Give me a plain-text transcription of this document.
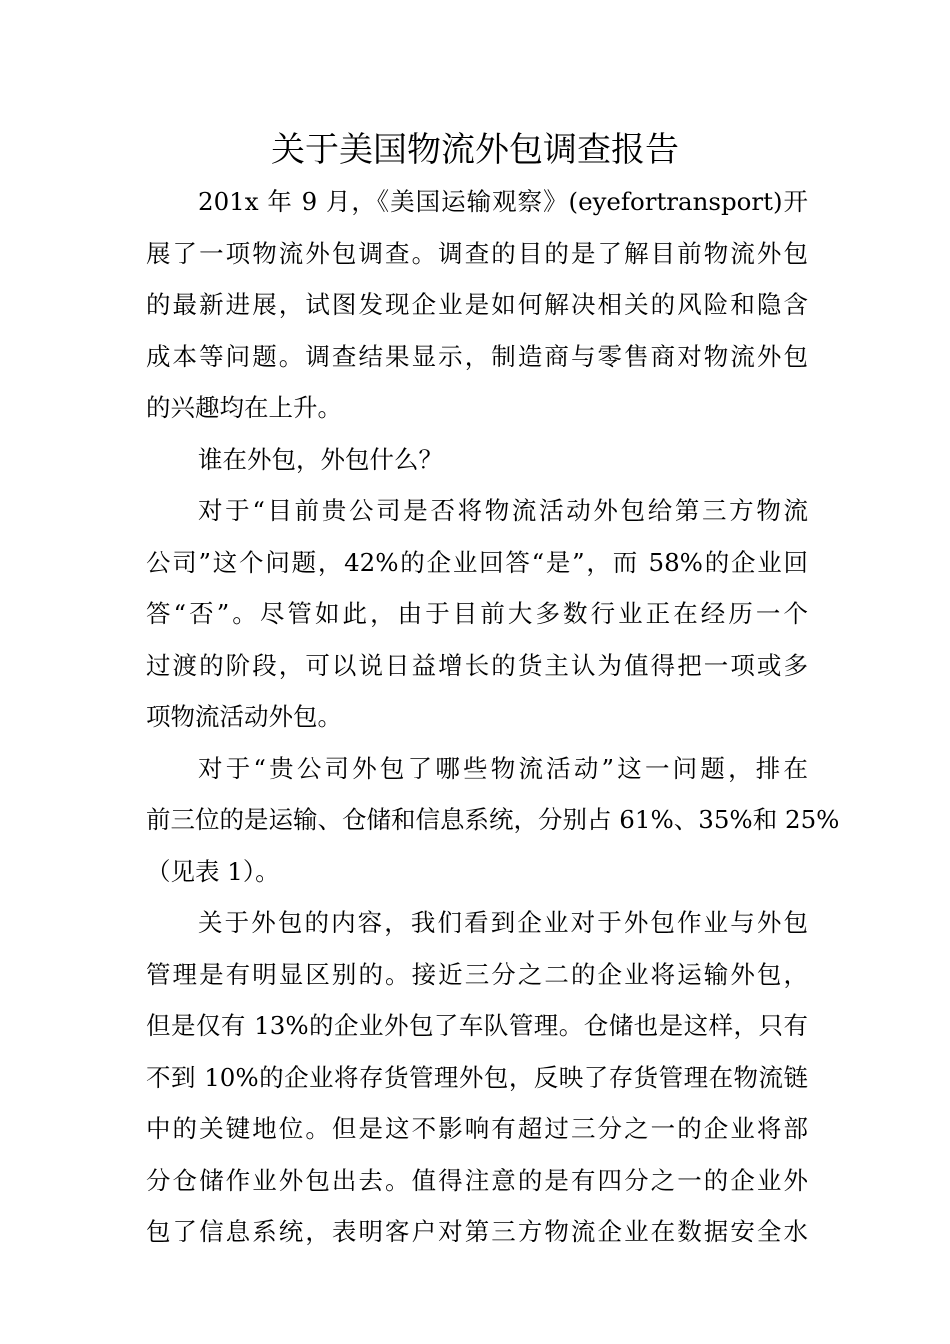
关于美国物流外包调查报告
201x 年 9 月，《美国运输观察》(eyefortransport)开
展了一项物流外包调查。调查的目的是了解目前物流外包
的最新进展，试图发现企业是如何解决相关的风险和隐含
成本等问题。调查结果显示，制造商与零售商对物流外包
的兴趣均在上升。
谁在外包，外包什么？
对于“目前贵公司是否将物流活动外包给第三方物流
公司”这个问题，42%的企业回答“是”，而 58%的企业回
答“否”。尽管如此，由于目前大多数行业正在经历一个
过渡的阶段，可以说日益增长的货主认为值得把一项或多
项物流活动外包。
对于“贵公司外包了哪些物流活动”这一问题，排在
前三位的是运输、仓储和信息系统，分别占 61%、35%和 25%
（见表 1）。
关于外包的内容，我们看到企业对于外包作业与外包
管理是有明显区别的。接近三分之二的企业将运输外包，
但是仅有 13%的企业外包了车队管理。仓储也是这样，只有
不到 10%的企业将存货管理外包，反映了存货管理在物流链
中的关键地位。但是这不影响有超过三分之一的企业将部
分仓储作业外包出去。值得注意的是有四分之一的企业外
包了信息系统，表明客户对第三方物流企业在数据安全水
